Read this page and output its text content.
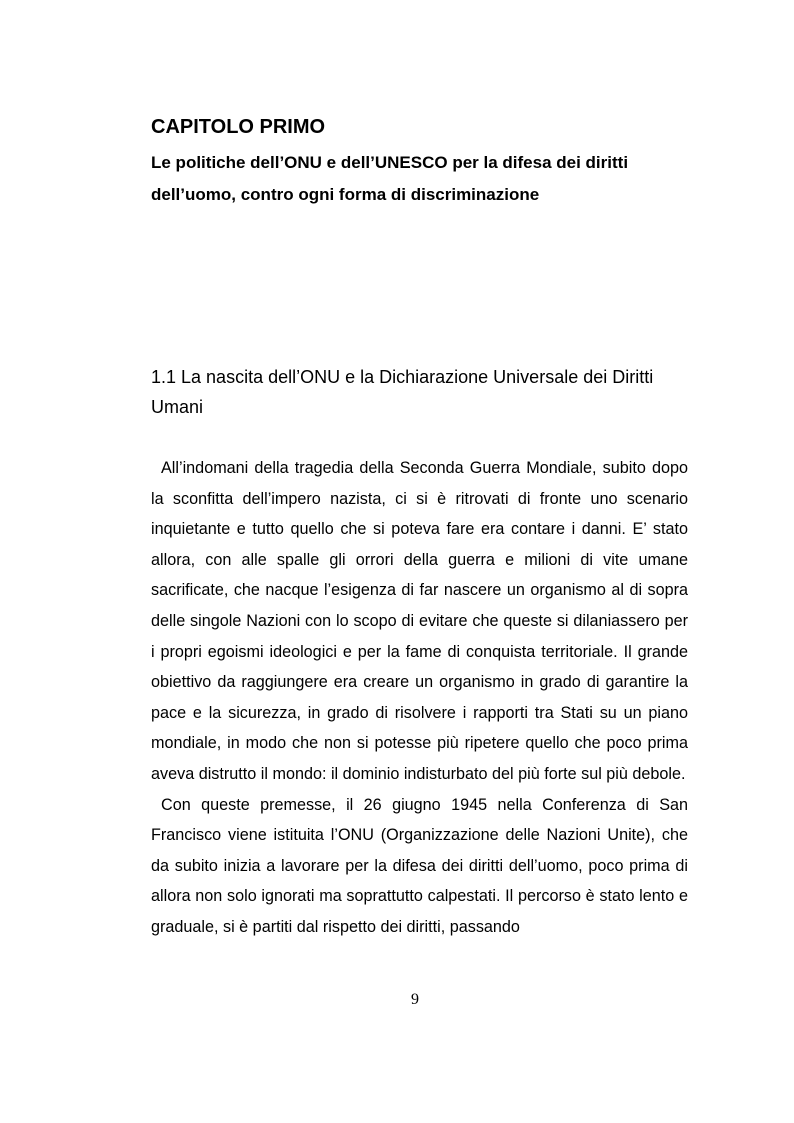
CAPITOLO PRIMO
Le politiche dell’ONU e dell’UNESCO per la difesa dei diritti dell’uomo, contro ogni forma di discriminazione
1.1 La nascita dell’ONU e la Dichiarazione Universale dei Diritti Umani

All’indomani della tragedia della Seconda Guerra Mondiale, subito dopo la sconfitta dell’impero nazista, ci si è ritrovati di fronte uno scenario inquietante e tutto quello che si poteva fare era contare i danni. E’ stato allora, con alle spalle gli orrori della guerra e milioni di vite umane sacrificate, che nacque l’esigenza di far nascere un organismo al di sopra delle singole Nazioni con lo scopo di evitare che queste si dilaniassero per i propri egoismi ideologici e per la fame di conquista territoriale. Il grande obiettivo da raggiungere era creare un organismo in grado di garantire la pace e la sicurezza, in grado di risolvere i rapporti tra Stati su un piano mondiale, in modo che non si potesse più ripetere quello che poco prima aveva distrutto il mondo: il dominio indisturbato del più forte sul più debole.

Con queste premesse, il 26 giugno 1945 nella Conferenza di San Francisco viene istituita l’ONU (Organizzazione delle Nazioni Unite), che da subito inizia a lavorare per la difesa dei diritti dell’uomo, poco prima di allora non solo ignorati ma soprattutto calpestati. Il percorso è stato lento e graduale, si è partiti dal rispetto dei diritti, passando

9
